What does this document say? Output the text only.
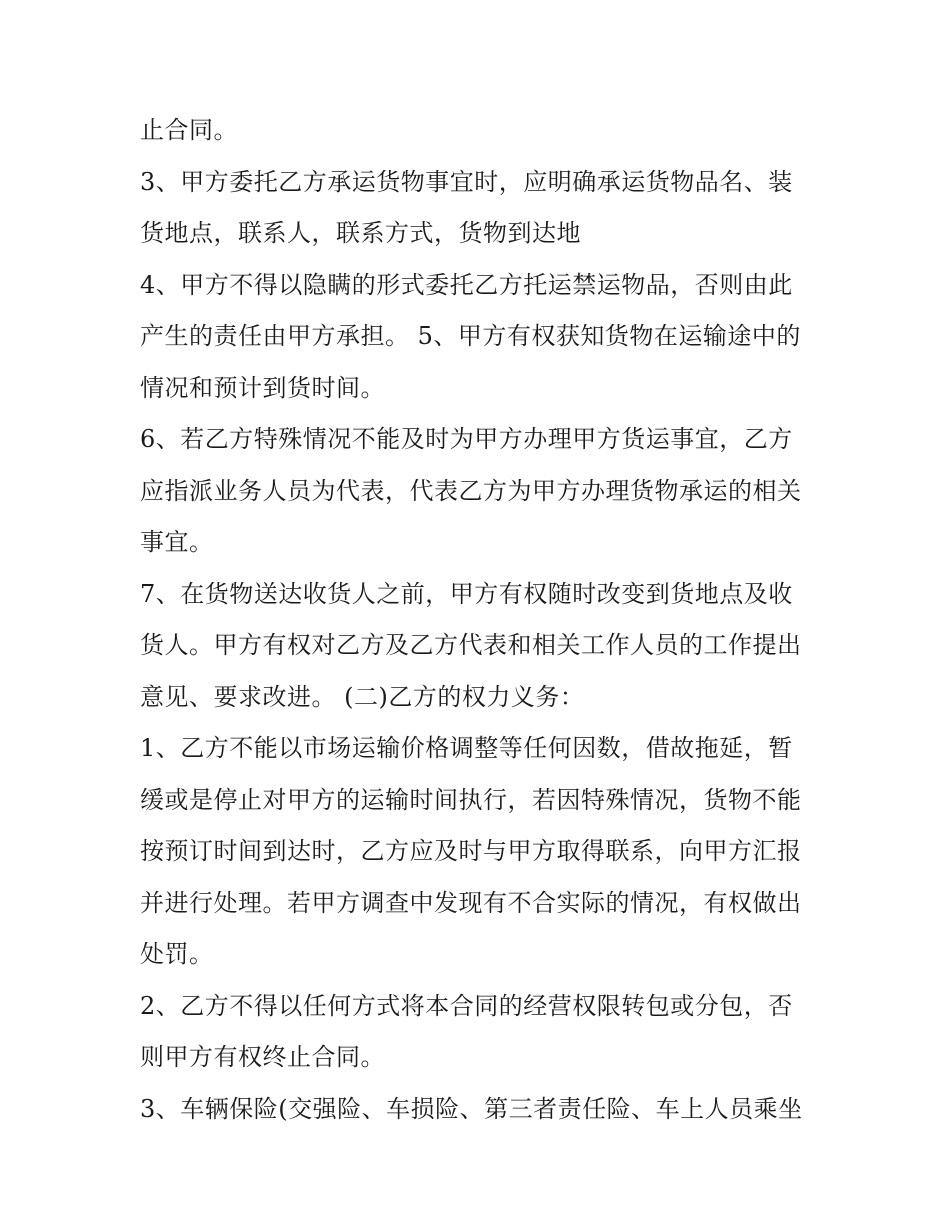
止合同。
3、甲方委托乙方承运货物事宜时，应明确承运货物品名、装
货地点，联系人，联系方式，货物到达地
4、甲方不得以隐瞒的形式委托乙方托运禁运物品，否则由此
产生的责任由甲方承担。 5、甲方有权获知货物在运输途中的
情况和预计到货时间。
6、若乙方特殊情况不能及时为甲方办理甲方货运事宜，乙方
应指派业务人员为代表，代表乙方为甲方办理货物承运的相关
事宜。
7、在货物送达收货人之前，甲方有权随时改变到货地点及收
货人。甲方有权对乙方及乙方代表和相关工作人员的工作提出
意见、要求改进。 (二)乙方的权力义务：
1、乙方不能以市场运输价格调整等任何因数，借故拖延，暂
缓或是停止对甲方的运输时间执行，若因特殊情况，货物不能
按预订时间到达时，乙方应及时与甲方取得联系，向甲方汇报
并进行处理。若甲方调查中发现有不合实际的情况，有权做出
处罚。
2、乙方不得以任何方式将本合同的经营权限转包或分包，否
则甲方有权终止合同。
3、车辆保险(交强险、车损险、第三者责任险、车上人员乘坐
